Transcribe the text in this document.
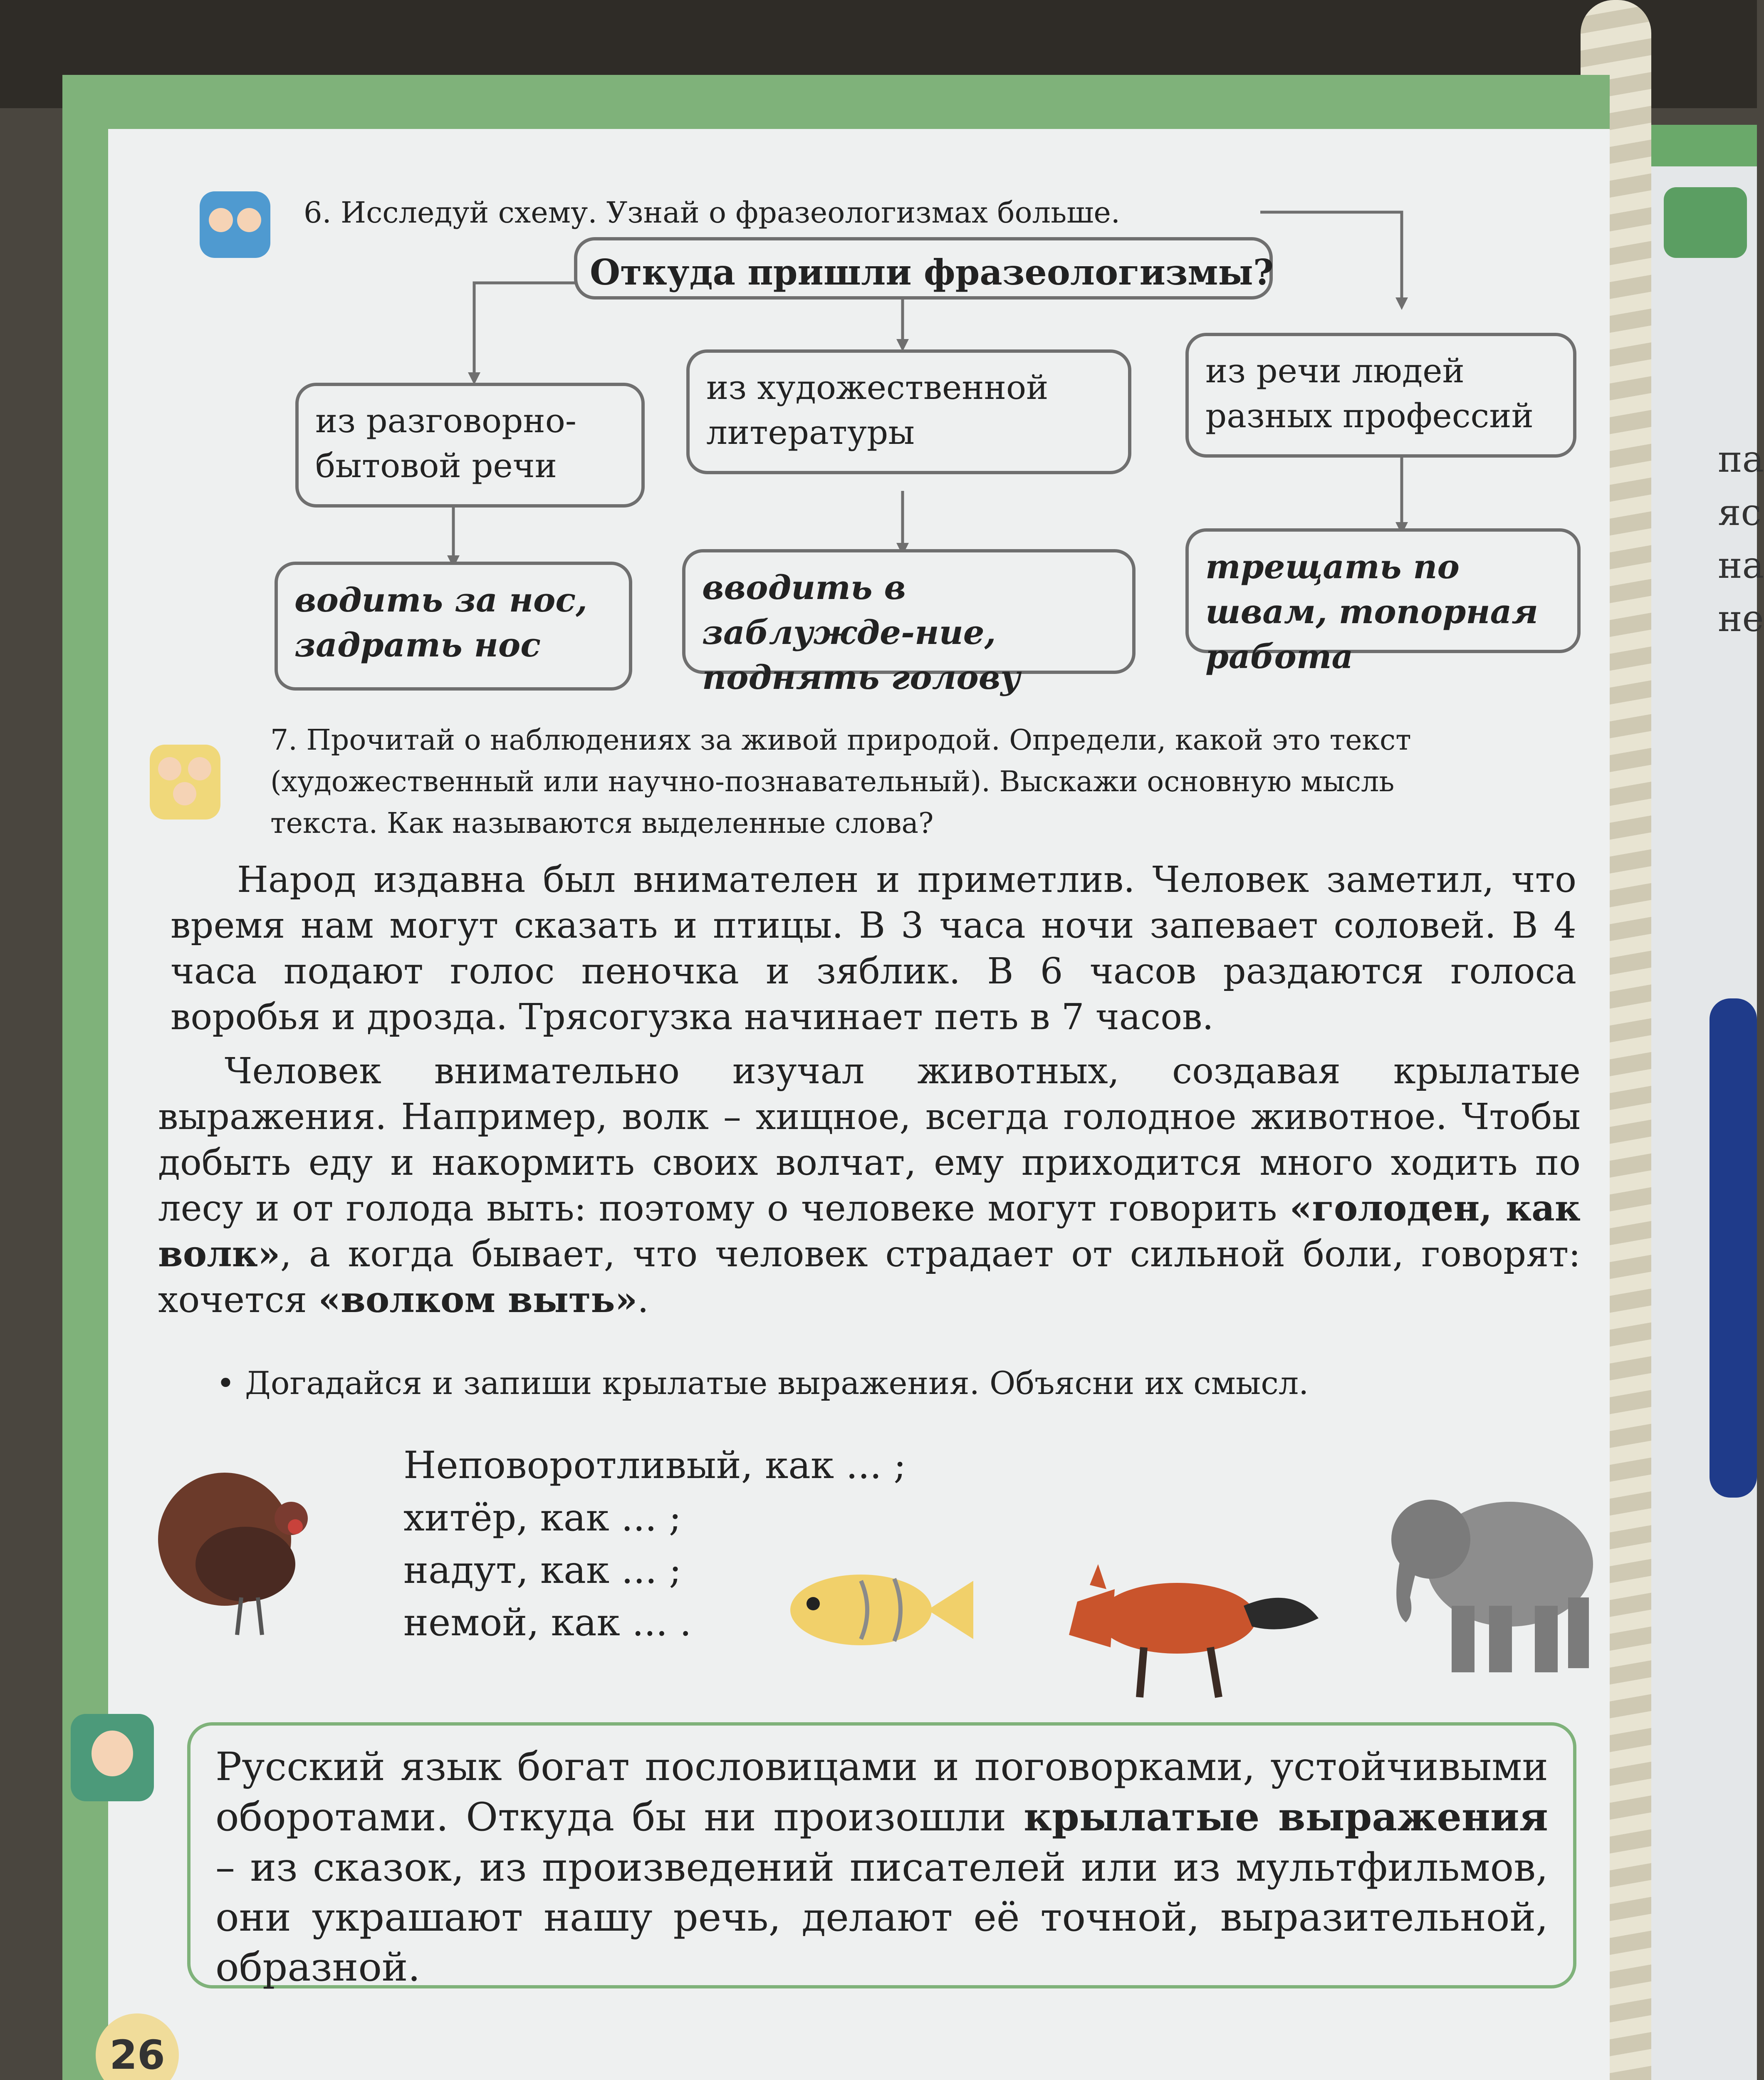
па
яс
на
не
6. Исследуй схему. Узнай о фразеологизмах больше.
Откуда пришли фразеологизмы?
из разговорно-бытовой речи
из художественной литературы
из речи людей разных профессий
водить за нос, задрать нос
вводить в заблужде-ние, поднять голову
трещать по швам, топорная работа
7. Прочитай о наблюдениях за живой природой. Определи, какой это текст
(художественный или научно-познавательный). Выскажи основную мысль
текста. Как называются выделенные слова?
Народ издавна был внимателен и приметлив. Человек заметил, что время нам могут сказать и птицы. В 3 часа ночи запевает соловей. В 4 часа подают голос пеночка и зяблик. В 6 часов раздаются голоса воробья и дрозда. Трясогузка начинает петь в 7 часов.
Человек внимательно изучал животных, создавая крылатые выражения. Например, волк – хищное, всегда голодное животное. Чтобы добыть еду и накормить своих волчат, ему приходится много ходить по лесу и от голода выть: поэтому о человеке могут говорить «голоден, как волк», а когда бывает, что человек страдает от сильной боли, говорят: хочется «волком выть».
• Догадайся и запиши крылатые выражения. Объясни их смысл.
Неповоротливый, как ... ;
хитёр, как ... ;
надут, как ... ;
немой, как ... .
Русский язык богат пословицами и поговорками, устойчивыми оборотами. Откуда бы ни произошли крылатые выражения – из сказок, из произведений писателей или из мультфильмов, они украшают нашу речь, делают её точной, выразительной, образной.
26
